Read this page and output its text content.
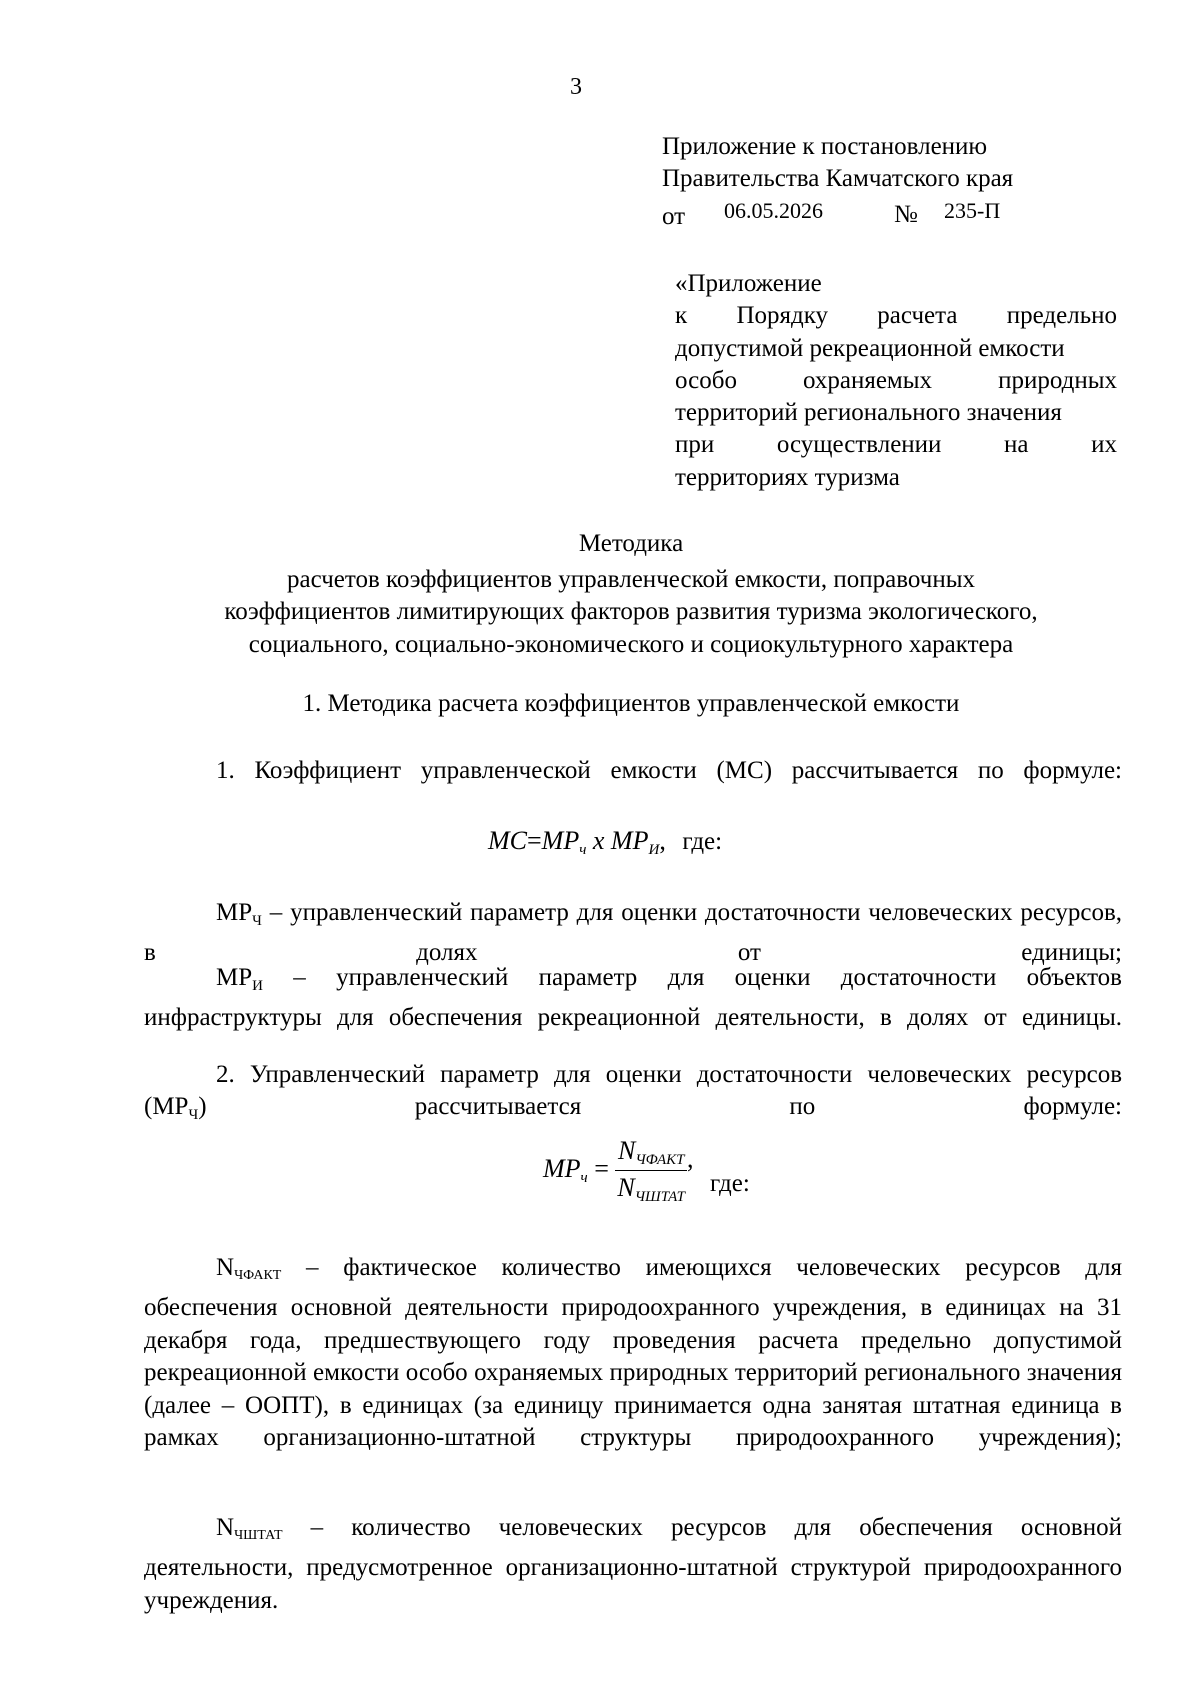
3
Приложение к постановлению
Правительства Камчатского края
от 06.05.2026	№ 235-П
«Приложение
к Порядку расчета предельно
допустимой рекреационной емкости
особо охраняемых природных
территорий регионального значения
при осуществлении на их
территориях туризма
Методика
расчетов коэффициентов управленческой емкости, поправочных
коэффициентов лимитирующих факторов развития туризма экологического,
социального, социально-экономического и социокультурного характера
1. Методика расчета коэффициентов управленческой емкости
1. Коэффициент управленческой емкости (МС) рассчитывается по формуле:
MC=MPч x MPИ, где:
$MP_Ч$ – управленческий параметр для оценки достаточности человеческих ресурсов, в долях от единицы;
$MP_И$ – управленческий параметр для оценки достаточности объектов инфраструктуры для обеспечения рекреационной деятельности, в долях от единицы.
2. Управленческий параметр для оценки достаточности человеческих ресурсов $(MP_Ч)$ рассчитывается по формуле:
MPч = $\frac{\text{NЧФАКТ}}{\text{NЧШТАТ}}$ , где:
NЧФАКТ – фактическое количество имеющихся человеческих ресурсов для обеспечения основной деятельности природоохранного учреждения, в единицах на 31 декабря года, предшествующего году проведения расчета предельно допустимой рекреационной емкости особо охраняемых природных территорий регионального значения (далее – ООПТ), в единицах (за единицу принимается одна занятая штатная единица в рамках организационно-штатной структуры природоохранного учреждения);
NЧШТАТ – количество человеческих ресурсов для обеспечения основной деятельности, предусмотренное организационно-штатной структурой природоохранного учреждения.
